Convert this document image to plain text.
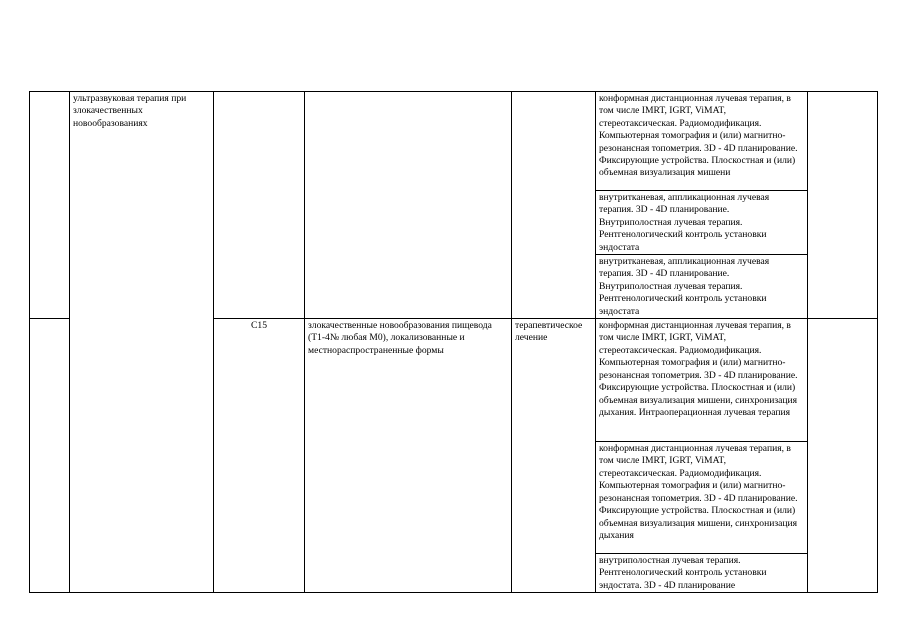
	ультразвуковая терапия при злокачественных новообразованиях				конформная дистанционная лучевая терапия, в том числе IMRT, IGRT, ViMAT, стереотаксическая. Радиомодификация. Компьютерная томография и (или) магнитно-резонансная топометрия. 3D - 4D планирование. Фиксирующие устройства. Плоскостная и (или) объемная визуализация мишени	
					внутритканевая, аппликационная лучевая терапия. 3D - 4D планирование. Внутриполостная лучевая терапия. Рентгенологический контроль установки эндостата	
					внутритканевая, аппликационная лучевая терапия. 3D - 4D планирование. Внутриполостная лучевая терапия. Рентгенологический контроль установки эндостата	
		C15	злокачественные новообразования пищевода (T1-4№ любая M0), локализованные и местнораспространенные формы	терапевтическое лечение	конформная дистанционная лучевая терапия, в том числе IMRT, IGRT, ViMAT, стереотаксическая. Радиомодификация. Компьютерная томография и (или) магнитно-резонансная топометрия. 3D - 4D планирование. Фиксирующие устройства. Плоскостная и (или) объемная визуализация мишени, синхронизация дыхания. Интраоперационная лучевая терапия	
					конформная дистанционная лучевая терапия, в том числе IMRT, IGRT, ViMAT, стереотаксическая. Радиомодификация. Компьютерная томография и (или) магнитно-резонансная топометрия. 3D - 4D планирование. Фиксирующие устройства. Плоскостная и (или) объемная визуализация мишени, синхронизация дыхания	
					внутриполостная лучевая терапия. Рентгенологический контроль установки эндостата. 3D - 4D планирование	
